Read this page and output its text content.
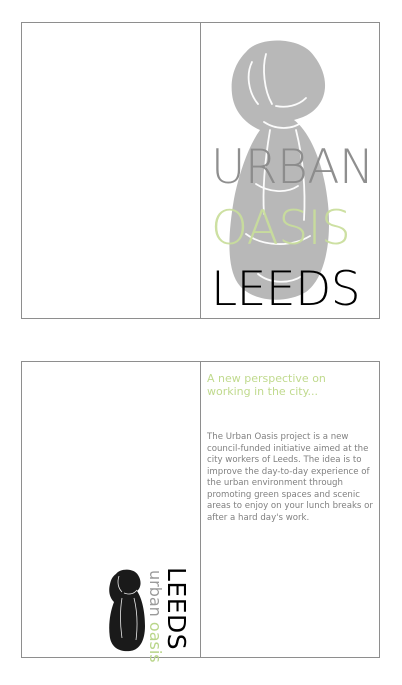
URBAN
OASIS
LEEDS
LEEDS
urban oasis
A new perspective on working in the city...
The Urban Oasis project is a new council-funded initiative aimed at the city workers of Leeds. The idea is to improve the day-to-day experience of the urban environment through promoting green spaces and scenic areas to enjoy on your lunch breaks or after a hard day's work.
